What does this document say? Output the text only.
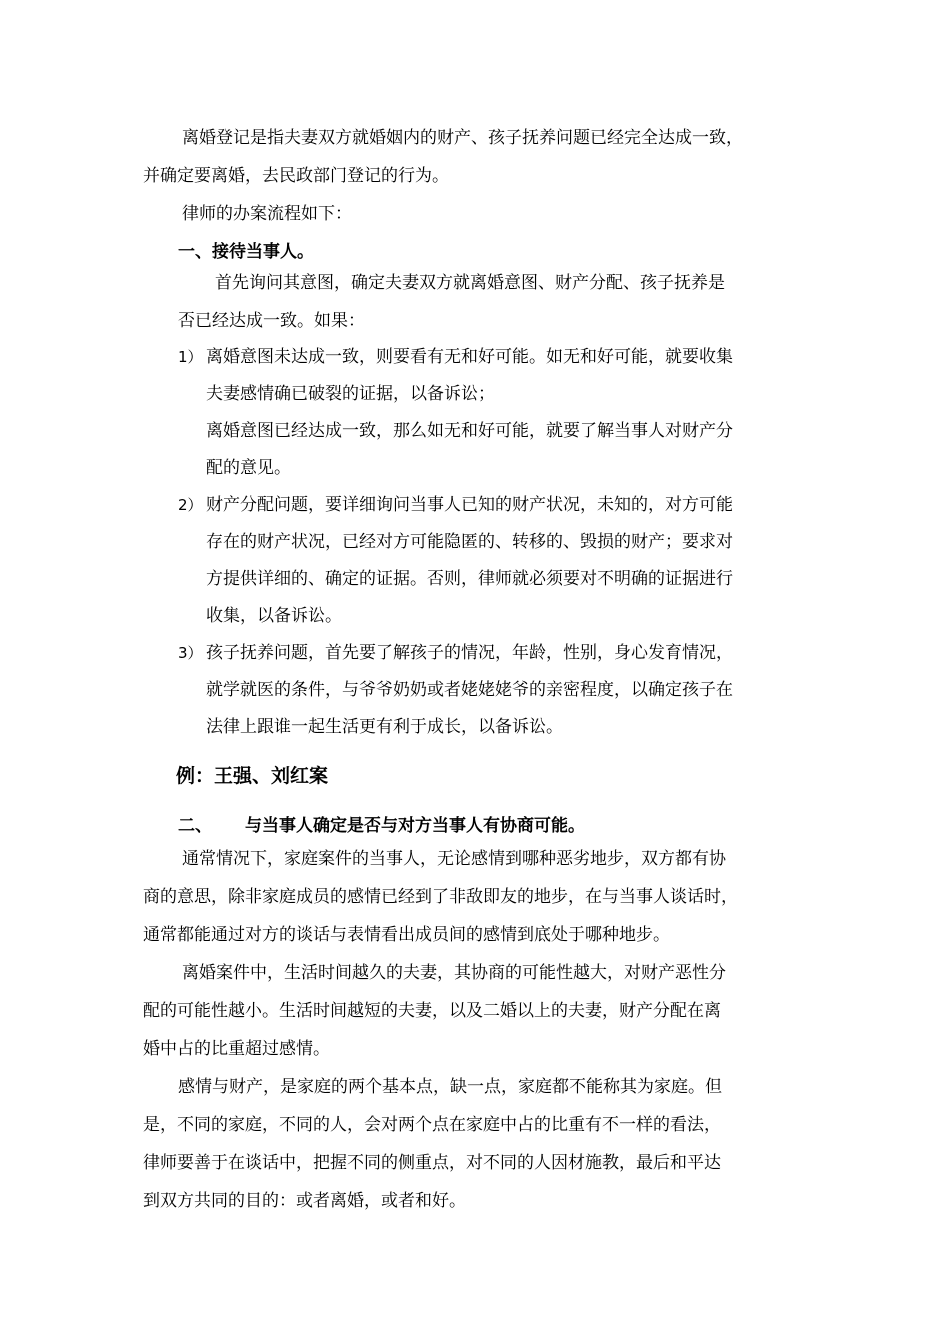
离婚登记是指夫妻双方就婚姻内的财产、孩子抚养问题已经完全达成一致，

并确定要离婚，去民政部门登记的行为。

律师的办案流程如下：

一、接待当事人。

首先询问其意图，确定夫妻双方就离婚意图、财产分配、孩子抚养是

否已经达成一致。如果：

1） 离婚意图未达成一致，则要看有无和好可能。如无和好可能，就要收集

夫妻感情确已破裂的证据，以备诉讼；

离婚意图已经达成一致，那么如无和好可能，就要了解当事人对财产分

配的意见。

2） 财产分配问题，要详细询问当事人已知的财产状况，未知的，对方可能

存在的财产状况，已经对方可能隐匿的、转移的、毁损的财产；要求对

方提供详细的、确定的证据。否则，律师就必须要对不明确的证据进行

收集，以备诉讼。

3） 孩子抚养问题，首先要了解孩子的情况，年龄，性别，身心发育情况，

就学就医的条件，与爷爷奶奶或者姥姥姥爷的亲密程度，以确定孩子在

法律上跟谁一起生活更有利于成长，以备诉讼。

例：王强、刘红案

二、 与当事人确定是否与对方当事人有协商可能。

通常情况下，家庭案件的当事人，无论感情到哪种恶劣地步，双方都有协

商的意思，除非家庭成员的感情已经到了非敌即友的地步，在与当事人谈话时，

通常都能通过对方的谈话与表情看出成员间的感情到底处于哪种地步。

离婚案件中，生活时间越久的夫妻，其协商的可能性越大，对财产恶性分

配的可能性越小。生活时间越短的夫妻，以及二婚以上的夫妻，财产分配在离

婚中占的比重超过感情。

感情与财产，是家庭的两个基本点，缺一点，家庭都不能称其为家庭。但

是，不同的家庭，不同的人，会对两个点在家庭中占的比重有不一样的看法，

律师要善于在谈话中，把握不同的侧重点，对不同的人因材施教，最后和平达

到双方共同的目的：或者离婚，或者和好。
